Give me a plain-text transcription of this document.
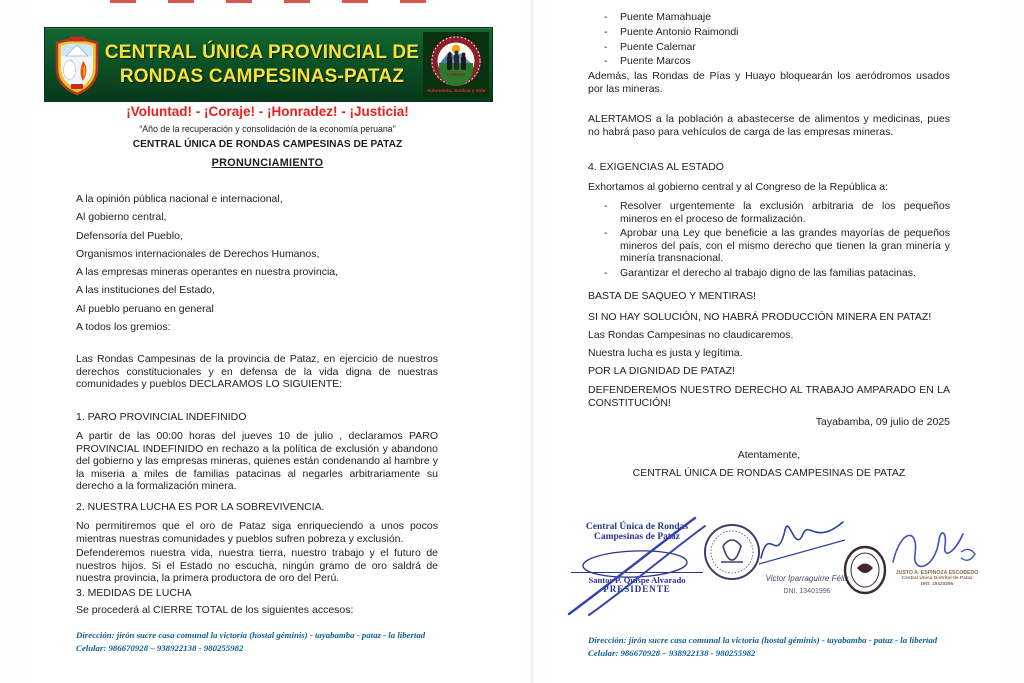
CENTRAL ÚNICA PROVINCIAL DE
RONDAS CAMPESINAS-PATAZ	CUNARC
Autonomía, Justicia y Vida
¡Voluntad! - ¡Coraje! - ¡Honradez! - ¡Justicia!
“Año de la recuperación y consolidación de la economía peruana”
CENTRAL ÚNICA DE RONDAS CAMPESINAS DE PATAZ
PRONUNCIAMIENTO
A la opinión pública nacional e internacional,
Al gobierno central,
Defensoría del Pueblo,
Organismos internacionales de Derechos Humanos,
A las empresas mineras operantes en nuestra provincia,
A las instituciones del Estado,
Al pueblo peruano en general
A todos los gremios:

Las Rondas Campesinas de la provincia de Pataz, en ejercicio de nuestros derechos constitucionales y en defensa de la vida digna de nuestras comunidades y pueblos DECLARAMOS LO SIGUIENTE:

1. PARO PROVINCIAL INDEFINIDO

A partir de las 00:00 horas del jueves 10 de julio , declaramos PARO PROVINCIAL INDEFINIDO en rechazo a la política de exclusión y abandono del gobierno y las empresas mineras, quienes están condenando al hambre y la miseria a miles de familias patacinas al negarles arbitrariamente su derecho a la formalización minera.

2. NUESTRA LUCHA ES POR LA SOBREVIVENCIA.

No permitiremos que el oro de Pataz siga enriqueciendo a unos pocos mientras nuestras comunidades y pueblos sufren pobreza y exclusión.

Defenderemos nuestra vida, nuestra tierra, nuestro trabajo y el futuro de nuestros hijos. Si el Estado no escucha, ningún gramo de oro saldrá de nuestra provincia, la primera productora de oro del Perú.

3. MEDIDAS DE LUCHA
Se procederá al CIERRE TOTAL de los siguientes accesos:
Dirección: jirón sucre casa comunal la victoria (hostal géminis) - tayabamba - pataz - la libertad
Celular: 986670928 – 938922138 - 980255982
- Puente Mamahuaje
- Puente Antonio Raimondi
- Puente Calemar
- Puente Marcos

Además, las Rondas de Pías y Huayo bloquearán los aeródromos usados por las mineras.

ALERTAMOS a la población a abastecerse de alimentos y medicinas, pues no habrá paso para vehículos de carga de las empresas mineras.

4. EXIGENCIAS AL ESTADO
Exhortamos al gobierno central y al Congreso de la República a:
- Resolver urgentemente la exclusión arbitraria de los pequeños mineros en el proceso de formalización.
- Aprobar una Ley que beneficie a las grandes mayorías de pequeños mineros del país, con el mismo derecho que tienen la gran minería y minería transnacional.
- Garantizar el derecho al trabajo digno de las familias patacinas.
BASTA DE SAQUEO Y MENTIRAS!
SI NO HAY SOLUCIÓN, NO HABRÁ PRODUCCIÓN MINERA EN PATAZ!
Las Rondas Campesinas no claudicaremos.
Nuestra lucha es justa y legítima.
POR LA DIGNIDAD DE PATAZ!
DEFENDEREMOS NUESTRO DERECHO AL TRABAJO AMPARADO EN LA CONSTITUCIÓN!
Tayabamba, 09 julio de 2025
Atentamente,
CENTRAL ÚNICA DE RONDAS CAMPESINAS DE PATAZ
Central Única de Rondas
Campesinas de Pataz
Santos P. Quispe Alvarado
PRESIDENTE
Victor Iparraguirre Félix
DNI. 13401996
JUSTO A. ESPINOZA ESCOBEDO
Central Única Distrital de Pataz
DNI: 19420295
Dirección: jirón sucre casa comunal la victoria (hostal géminis) - tayabamba - pataz - la libertad
Celular: 986670928 – 938922138 - 980255982
